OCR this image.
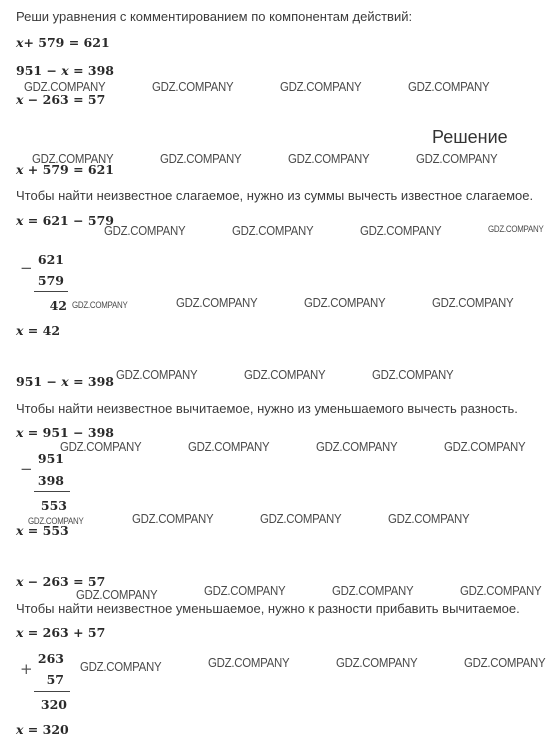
Реши уравнения с комментированием по компонентам действий:
x+ 579 = 621
951 − x = 398
x − 263 = 57
Решение
x + 579 = 621
Чтобы найти неизвестное слагаемое, нужно из суммы вычесть известное слагаемое.
x = 621 − 579
− 621
579
42
x = 42
951 − x = 398
Чтобы найти неизвестное вычитаемое, нужно из уменьшаемого вычесть разность.
x = 951 − 398
−
951
398
553
x = 553
x − 263 = 57
Чтобы найти неизвестное уменьшаемое, нужно к разности прибавить вычитаемое.
x = 263 + 57
+
263
57
320
x = 320
GDZ.COMPANY	GDZ.COMPANY	GDZ.COMPANY	GDZ.COMPANY
GDZ.COMPANY	GDZ.COMPANY	GDZ.COMPANY	GDZ.COMPANY
GDZ.COMPANY	GDZ.COMPANY	GDZ.COMPANY	GDZ.COMPANY
GDZ.COMPANY	GDZ.COMPANY	GDZ.COMPANY	GDZ.COMPANY
GDZ.COMPANY	GDZ.COMPANY	GDZ.COMPANY
GDZ.COMPANY	GDZ.COMPANY	GDZ.COMPANY	GDZ.COMPANY
GDZ.COMPANY	GDZ.COMPANY	GDZ.COMPANY	GDZ.COMPANY
GDZ.COMPANY	GDZ.COMPANY	GDZ.COMPANY	GDZ.COMPANY
GDZ.COMPANY	GDZ.COMPANY	GDZ.COMPANY	GDZ.COMPANY
